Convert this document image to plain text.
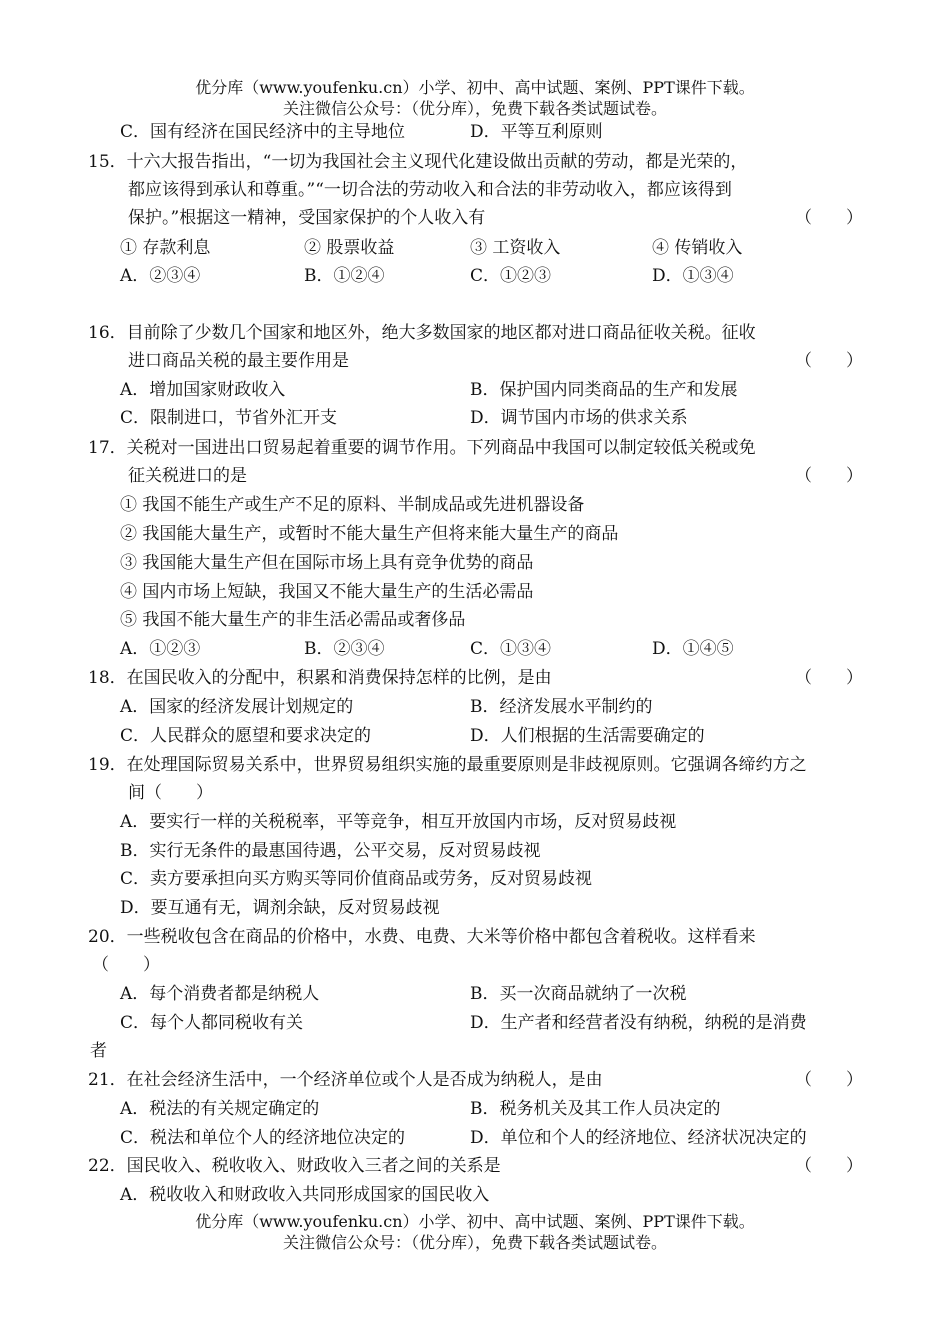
优分库（www.youfenku.cn）小学、初中、高中试题、案例、PPT课件下载。
关注微信公众号：（优分库），免费下载各类试题试卷。
C．国有经济在国民经济中的主导地位	D．平等互利原则
15．十六大报告指出，“一切为我国社会主义现代化建设做出贡献的劳动，都是光荣的，
都应该得到承认和尊重。”“一切合法的劳动收入和合法的非劳动收入，都应该得到
保护。”根据这一精神，受国家保护的个人收入有	（　　）
① 存款利息	② 股票收益	③ 工资收入	④ 传销收入
A．②③④	B．①②④	C．①②③	D．①③④
16．目前除了少数几个国家和地区外，绝大多数国家的地区都对进口商品征收关税。征收
进口商品关税的最主要作用是	（　　）
A．增加国家财政收入	B．保护国内同类商品的生产和发展
C．限制进口，节省外汇开支	D．调节国内市场的供求关系
17．关税对一国进出口贸易起着重要的调节作用。下列商品中我国可以制定较低关税或免
征关税进口的是	（　　）
① 我国不能生产或生产不足的原料、半制成品或先进机器设备
② 我国能大量生产，或暂时不能大量生产但将来能大量生产的商品
③ 我国能大量生产但在国际市场上具有竞争优势的商品
④ 国内市场上短缺，我国又不能大量生产的生活必需品
⑤ 我国不能大量生产的非生活必需品或奢侈品
A．①②③	B．②③④	C．①③④	D．①④⑤
18．在国民收入的分配中，积累和消费保持怎样的比例，是由	（　　）
A．国家的经济发展计划规定的	B．经济发展水平制约的
C．人民群众的愿望和要求决定的	D．人们根据的生活需要确定的
19．在处理国际贸易关系中，世界贸易组织实施的最重要原则是非歧视原则。它强调各缔约方之
间（　　）
A．要实行一样的关税税率，平等竞争，相互开放国内市场，反对贸易歧视
B．实行无条件的最惠国待遇，公平交易，反对贸易歧视
C．卖方要承担向买方购买等同价值商品或劳务，反对贸易歧视
D．要互通有无，调剂余缺，反对贸易歧视
20．一些税收包含在商品的价格中，水费、电费、大米等价格中都包含着税收。这样看来
（　　）
A．每个消费者都是纳税人	B．买一次商品就纳了一次税
C．每个人都同税收有关	D．生产者和经营者没有纳税，纳税的是消费
者
21．在社会经济生活中，一个经济单位或个人是否成为纳税人，是由	（　　）
A．税法的有关规定确定的	B．税务机关及其工作人员决定的
C．税法和单位个人的经济地位决定的	D．单位和个人的经济地位、经济状况决定的
22．国民收入、税收收入、财政收入三者之间的关系是	（　　）
A．税收收入和财政收入共同形成国家的国民收入
优分库（www.youfenku.cn）小学、初中、高中试题、案例、PPT课件下载。
关注微信公众号：（优分库），免费下载各类试题试卷。
